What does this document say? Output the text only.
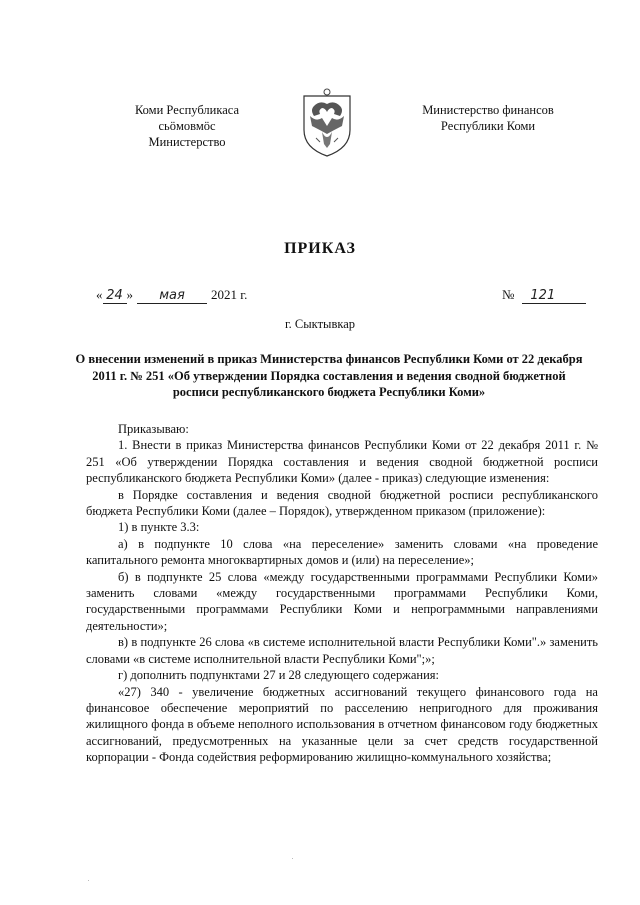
Коми Республикаса
сьӧмовмӧс
Министерство
Министерство финансов
Республики Коми
ПРИКАЗ
« 24 » мая 2021 г.	№ 121
г. Сыктывкар
О внесении изменений в приказ Министерства финансов Республики Коми от 22 декабря 2011 г. № 251 «Об утверждении Порядка составления и ведения сводной бюджетной росписи республиканского бюджета Республики Коми»

Приказываю:

1. Внести в приказ Министерства финансов Республики Коми от 22 декабря 2011 г. № 251 «Об утверждении Порядка составления и ведения сводной бюджетной росписи республиканского бюджета Республики Коми» (далее - приказ) следующие изменения:

в Порядке составления и ведения сводной бюджетной росписи республиканского бюджета Республики Коми (далее – Порядок), утвержденном приказом (приложение):

1) в пункте 3.3:

а) в подпункте 10 слова «на переселение» заменить словами «на проведение капитального ремонта многоквартирных домов и (или) на переселение»;

б) в подпункте 25 слова «между государственными программами Республики Коми» заменить словами «между государственными программами Республики Коми, государственными программами Республики Коми и непрограммными направлениями деятельности»;

в) в подпункте 26 слова «в системе исполнительной власти Республики Коми".» заменить словами «в системе исполнительной власти Республики Коми";»;

г) дополнить подпунктами 27 и 28 следующего содержания:

«27) 340 - увеличение бюджетных ассигнований текущего финансового года на финансовое обеспечение мероприятий по расселению непригодного для проживания жилищного фонда в объеме неполного использования в отчетном финансовом году бюджетных ассигнований, предусмотренных на указанные цели за счет средств государственной корпорации - Фонда содействия реформированию жилищно-коммунального хозяйства;
